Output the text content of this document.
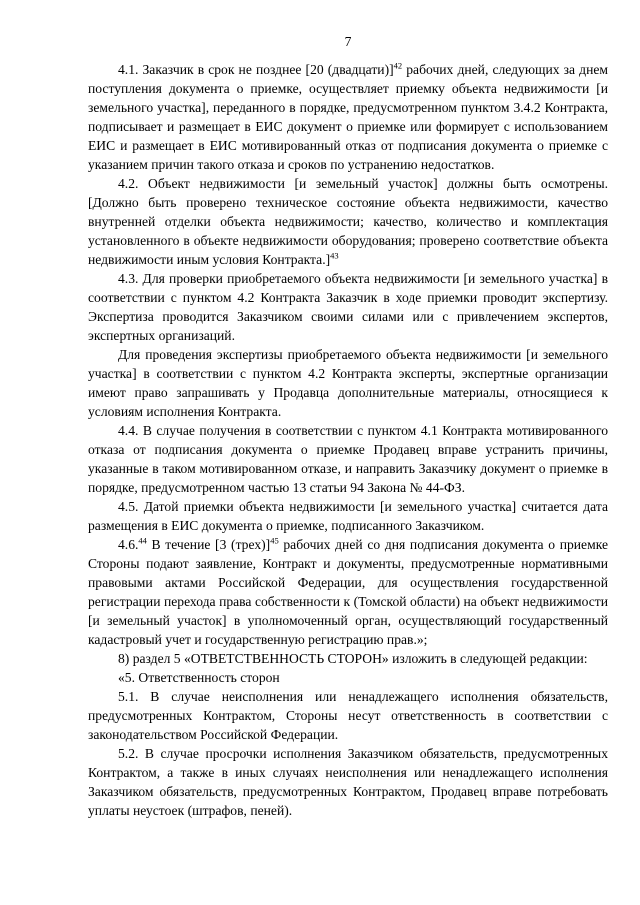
7

4.1. Заказчик в срок не позднее [20 (двадцати)]$^{42}$ рабочих дней, следующих за днем поступления документа о приемке, осуществляет приемку объекта недвижимости [и земельного участка], переданного в порядке, предусмотренном пунктом 3.4.2 Контракта, подписывает и размещает в ЕИС документ о приемке или формирует с использованием ЕИС и размещает в ЕИС мотивированный отказ от подписания документа о приемке с указанием причин такого отказа и сроков по устранению недостатков.

4.2. Объект недвижимости [и земельный участок] должны быть осмотрены. [Должно быть проверено техническое состояние объекта недвижимости, качество внутренней отделки объекта недвижимости; качество, количество и комплектация установленного в объекте недвижимости оборудования; проверено соответствие объекта недвижимости иным условия Контракта.]$^{43}$

4.3. Для проверки приобретаемого объекта недвижимости [и земельного участка] в соответствии с пунктом 4.2 Контракта Заказчик в ходе приемки проводит экспертизу. Экспертиза проводится Заказчиком своими силами или с привлечением экспертов, экспертных организаций.

Для проведения экспертизы приобретаемого объекта недвижимости [и земельного участка] в соответствии с пунктом 4.2 Контракта эксперты, экспертные организации имеют право запрашивать у Продавца дополнительные материалы, относящиеся к условиям исполнения Контракта.

4.4. В случае получения в соответствии с пунктом 4.1 Контракта мотивированного отказа от подписания документа о приемке Продавец вправе устранить причины, указанные в таком мотивированном отказе, и направить Заказчику документ о приемке в порядке, предусмотренном частью 13 статьи 94 Закона № 44-ФЗ.

4.5. Датой приемки объекта недвижимости [и земельного участка] считается дата размещения в ЕИС документа о приемке, подписанного Заказчиком.

4.6.44 В течение [3 (трех)]$^{45}$ рабочих дней со дня подписания документа о приемке Стороны подают заявление, Контракт и документы, предусмотренные нормативными правовыми актами Российской Федерации, для осуществления государственной регистрации перехода права собственности к (Томской области) на объект недвижимости [и земельный участок] в уполномоченный орган, осуществляющий государственный кадастровый учет и государственную регистрацию прав.»;

8) раздел 5 «ОТВЕТСТВЕННОСТЬ СТОРОН» изложить в следующей редакции:

«5. Ответственность сторон

5.1. В случае неисполнения или ненадлежащего исполнения обязательств, предусмотренных Контрактом, Стороны несут ответственность в соответствии с законодательством Российской Федерации.

5.2. В случае просрочки исполнения Заказчиком обязательств, предусмотренных Контрактом, а также в иных случаях неисполнения или ненадлежащего исполнения Заказчиком обязательств, предусмотренных Контрактом, Продавец вправе потребовать уплаты неустоек (штрафов, пеней).
